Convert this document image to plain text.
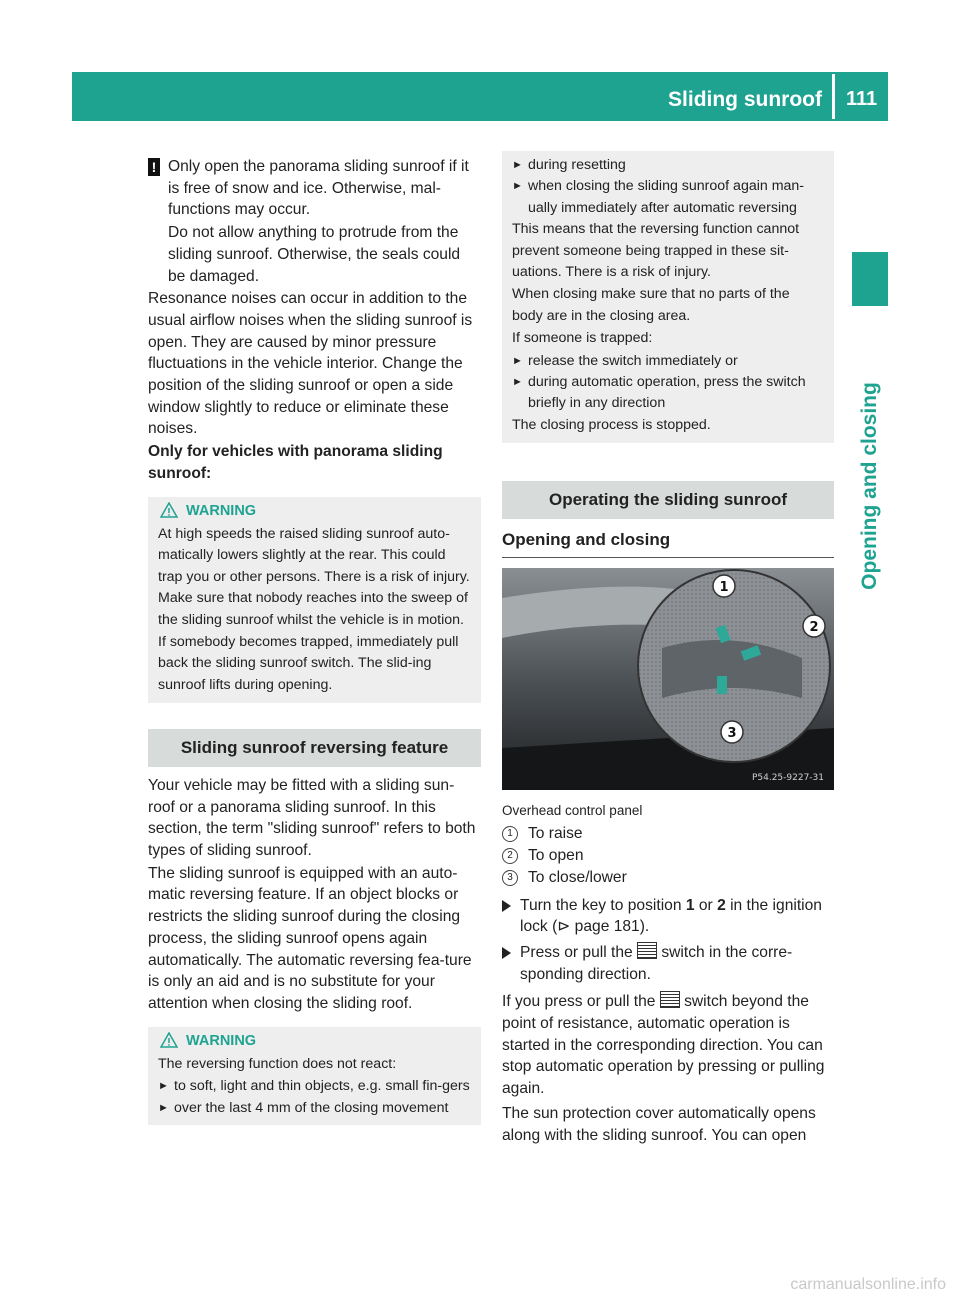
Sliding sunroof 111
Opening and closing
! Only open the panorama sliding sunroof if it is free of snow and ice. Otherwise, mal-functions may occur.

Do not allow anything to protrude from the sliding sunroof. Otherwise, the seals could be damaged.

Resonance noises can occur in addition to the usual airflow noises when the sliding sunroof is open. They are caused by minor pressure fluctuations in the vehicle interior. Change the position of the sliding sunroof or open a side window slightly to reduce or eliminate these noises.

Only for vehicles with panorama sliding sunroof:

WARNING

At high speeds the raised sliding sunroof auto-matically lowers slightly at the rear. This could trap you or other persons. There is a risk of injury. Make sure that nobody reaches into the sweep of the sliding sunroof whilst the vehicle is in motion.

If somebody becomes trapped, immediately pull back the sliding sunroof switch. The slid-ing sunroof lifts during opening.

Sliding sunroof reversing feature

Your vehicle may be fitted with a sliding sun-roof or a panorama sliding sunroof. In this section, the term "sliding sunroof" refers to both types of sliding sunroof.

The sliding sunroof is equipped with an auto-matic reversing feature. If an object blocks or restricts the sliding sunroof during the closing process, the sliding sunroof opens again automatically. The automatic reversing fea-ture is only an aid and is no substitute for your attention when closing the sliding roof.

WARNING

The reversing function does not react:

► to soft, light and thin objects, e.g. small fin-gers
► over the last 4 mm of the closing movement
► during resetting
► when closing the sliding sunroof again man-ually immediately after automatic reversing

This means that the reversing function cannot prevent someone being trapped in these sit-uations. There is a risk of injury.

When closing make sure that no parts of the body are in the closing area.

If someone is trapped:

► release the switch immediately or
► during automatic operation, press the switch briefly in any direction

The closing process is stopped.

Operating the sliding sunroof
Opening and closing
1
2
3
P54.25-9227-31
Overhead control panel
1 To raise
2 To open
3 To close/lower
Turn the key to position 1 or 2 in the ignition lock (⊳ page 181).
Press or pull the  switch in the corre-sponding direction.

If you press or pull the  switch beyond the point of resistance, automatic operation is started in the corresponding direction. You can stop automatic operation by pressing or pulling again.

The sun protection cover automatically opens along with the sliding sunroof. You can open

carmanualsonline.info
